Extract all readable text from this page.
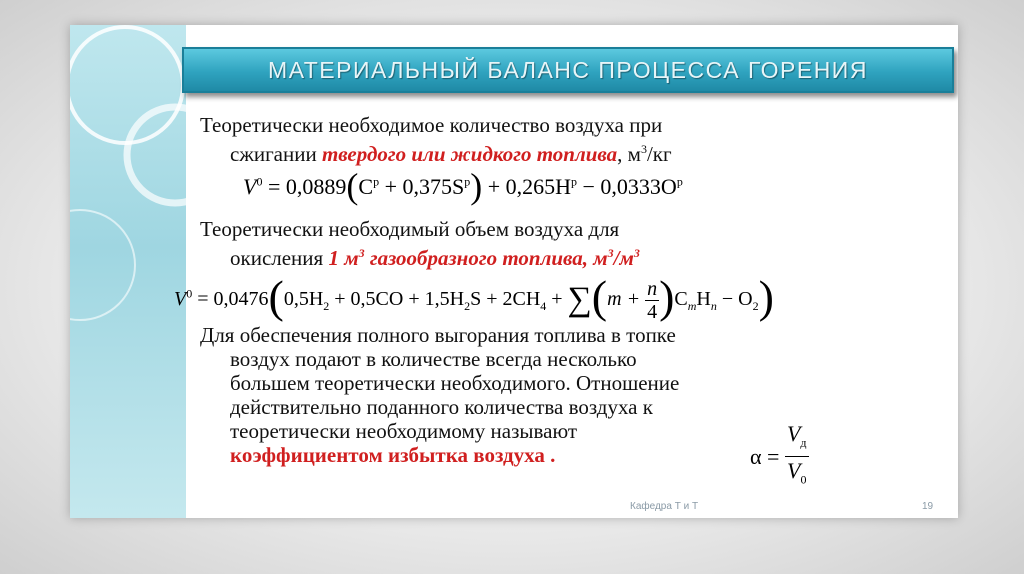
МАТЕРИАЛЬНЫЙ БАЛАНС ПРОЦЕССА ГОРЕНИЯ
Теоретически необходимое количество воздуха при
сжигании твердого или жидкого топлива, $м^3/кг$
$V^0 = 0,0889(C^р + 0,375S^р) + 0,265H^р - 0,0333O^р$
Теоретически необходимый объем воздуха для
окисления 1 $м^3$ газообразного топлива, $м^3/м^3$
$V^0 = 0,0476(0,5H_2 + 0,5CO + 1,5H_2S + 2CH_4 + \sum(m + \frac{n}{4} )C_mH_n - O_2)$
Для обеспечения полного выгорания топлива в топке
воздух подают в количестве всегда несколько
большем теоретически необходимого. Отношение
действительно поданного количества воздуха к
теоретически необходимому называют
коэффициентом избытка воздуха .	$\alpha = \frac{V_д}{V_0}$
Кафедра Т и Т	19
